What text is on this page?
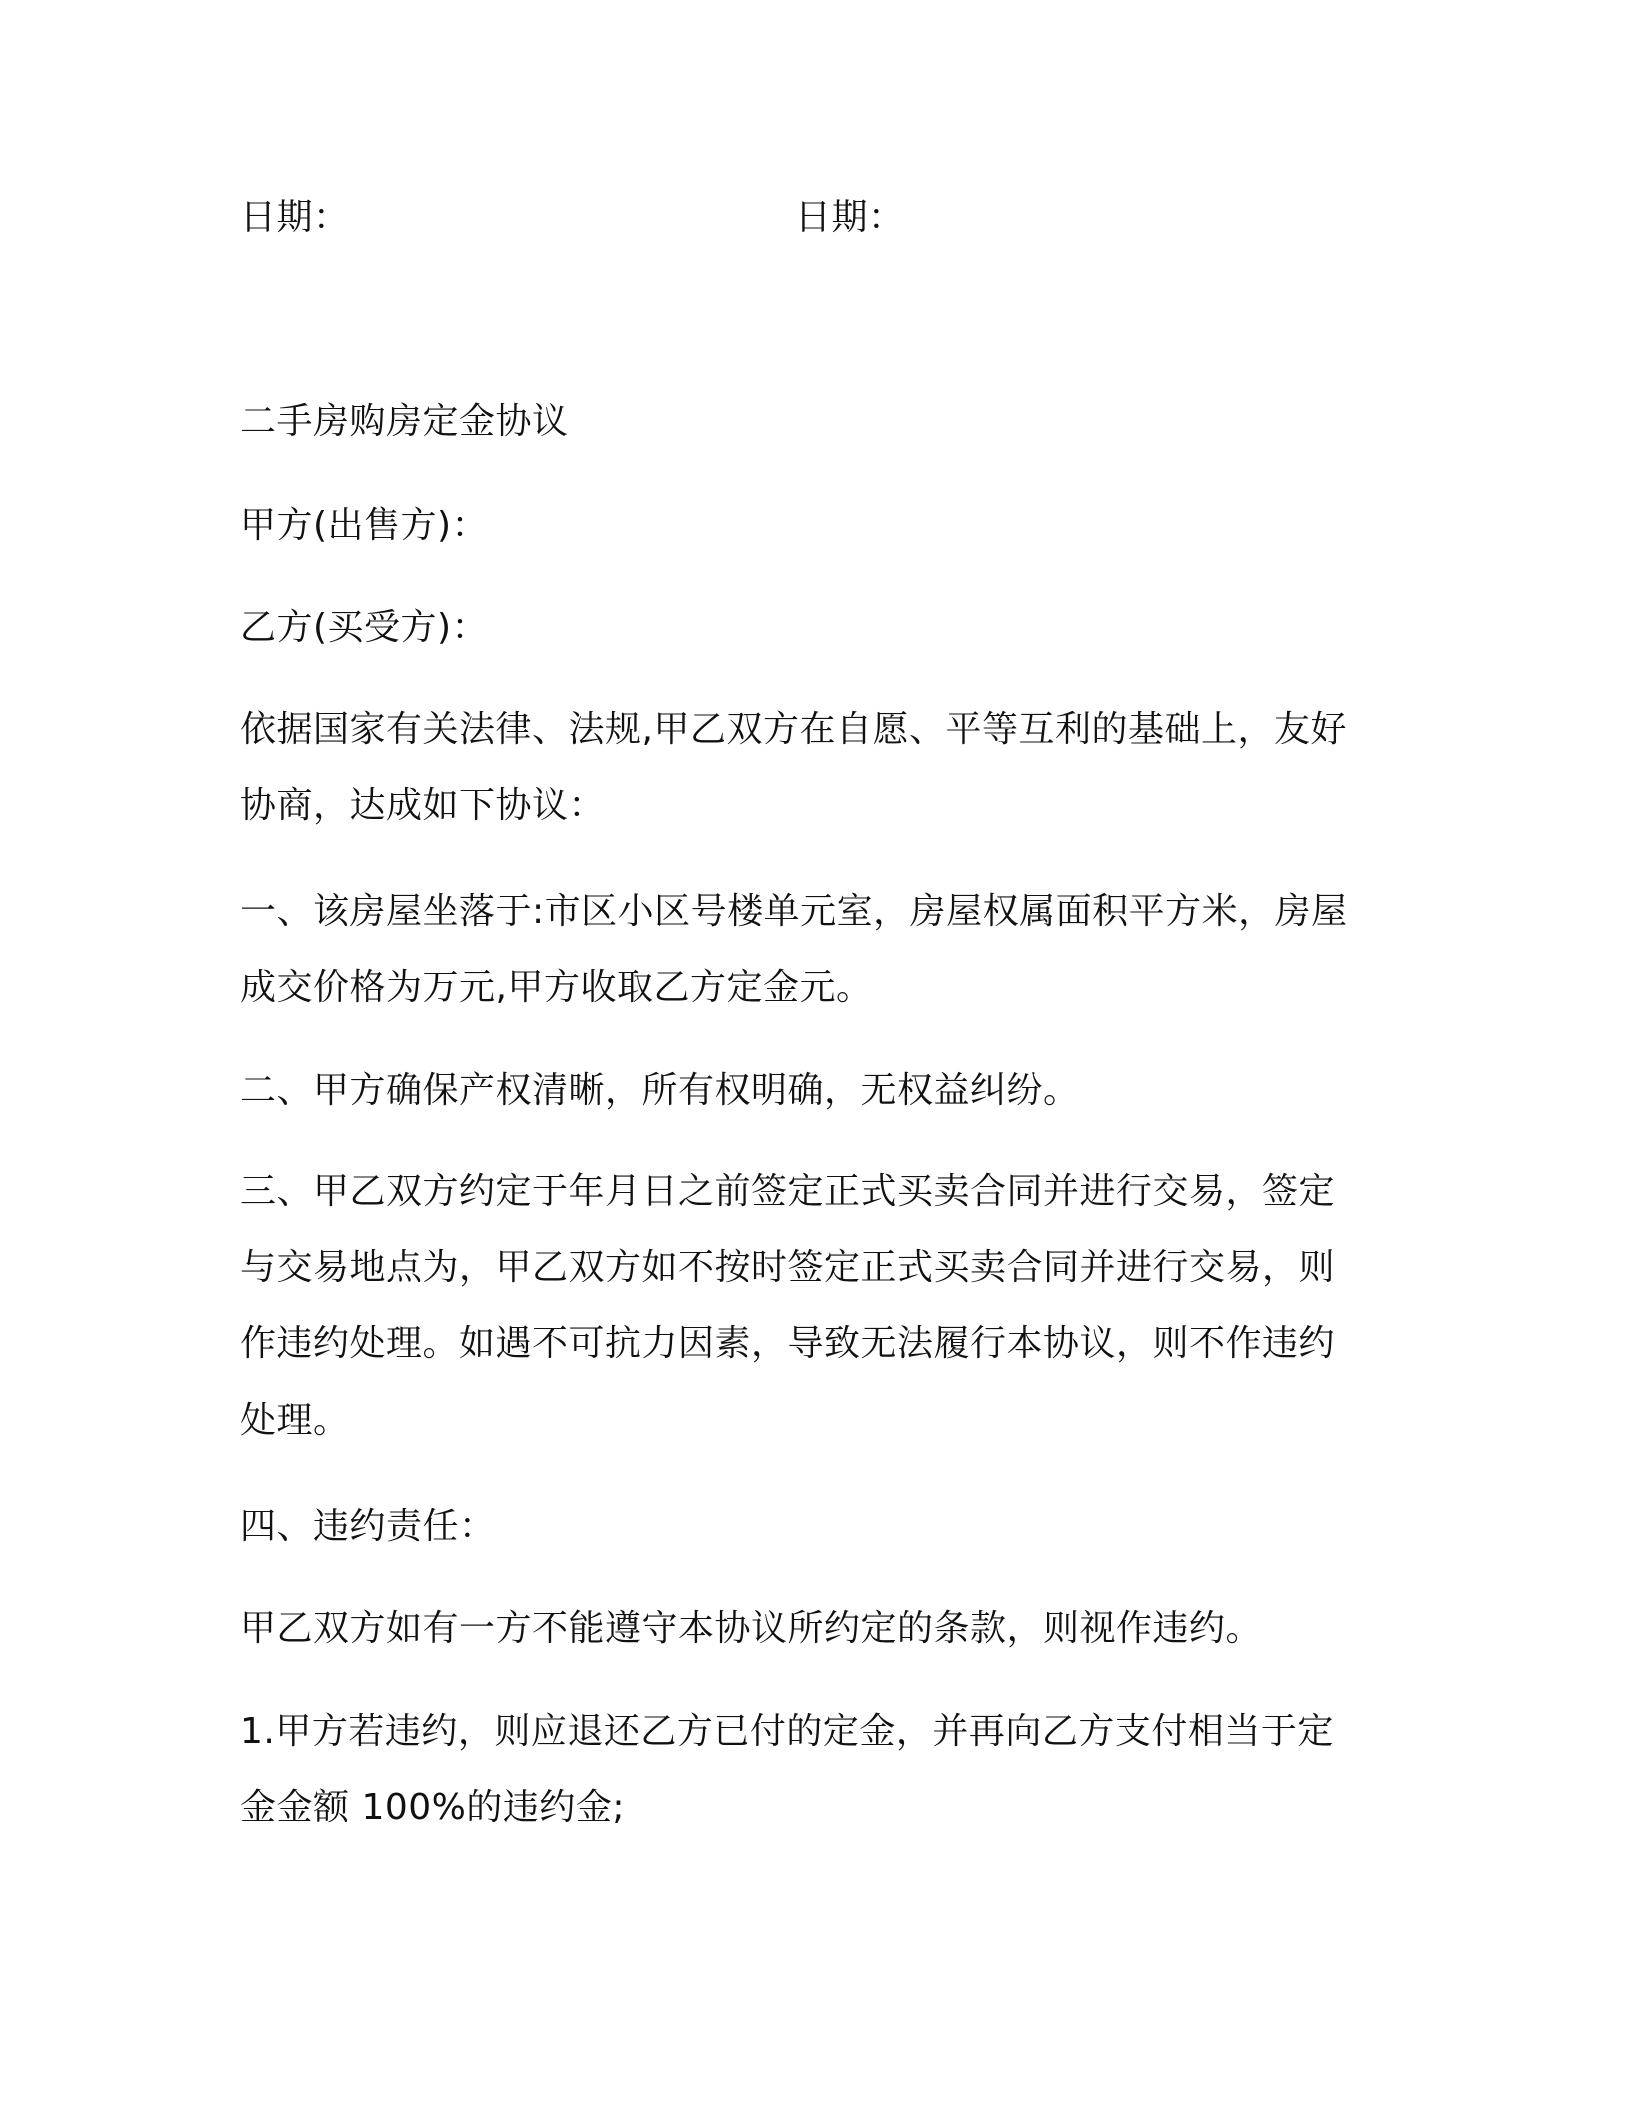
日期：	日期：
二手房购房定金协议
甲方(出售方)：
乙方(买受方)：
依据国家有关法律、法规,甲乙双方在自愿、平等互利的基础上，友好
协商，达成如下协议：
一、该房屋坐落于:市区小区号楼单元室，房屋权属面积平方米，房屋
成交价格为万元,甲方收取乙方定金元。
二、甲方确保产权清晰，所有权明确，无权益纠纷。
三、甲乙双方约定于年月日之前签定正式买卖合同并进行交易，签定
与交易地点为，甲乙双方如不按时签定正式买卖合同并进行交易，则
作违约处理。如遇不可抗力因素，导致无法履行本协议，则不作违约
处理。
四、违约责任：
甲乙双方如有一方不能遵守本协议所约定的条款，则视作违约。
1.甲方若违约，则应退还乙方已付的定金，并再向乙方支付相当于定
金金额 100%的违约金;
